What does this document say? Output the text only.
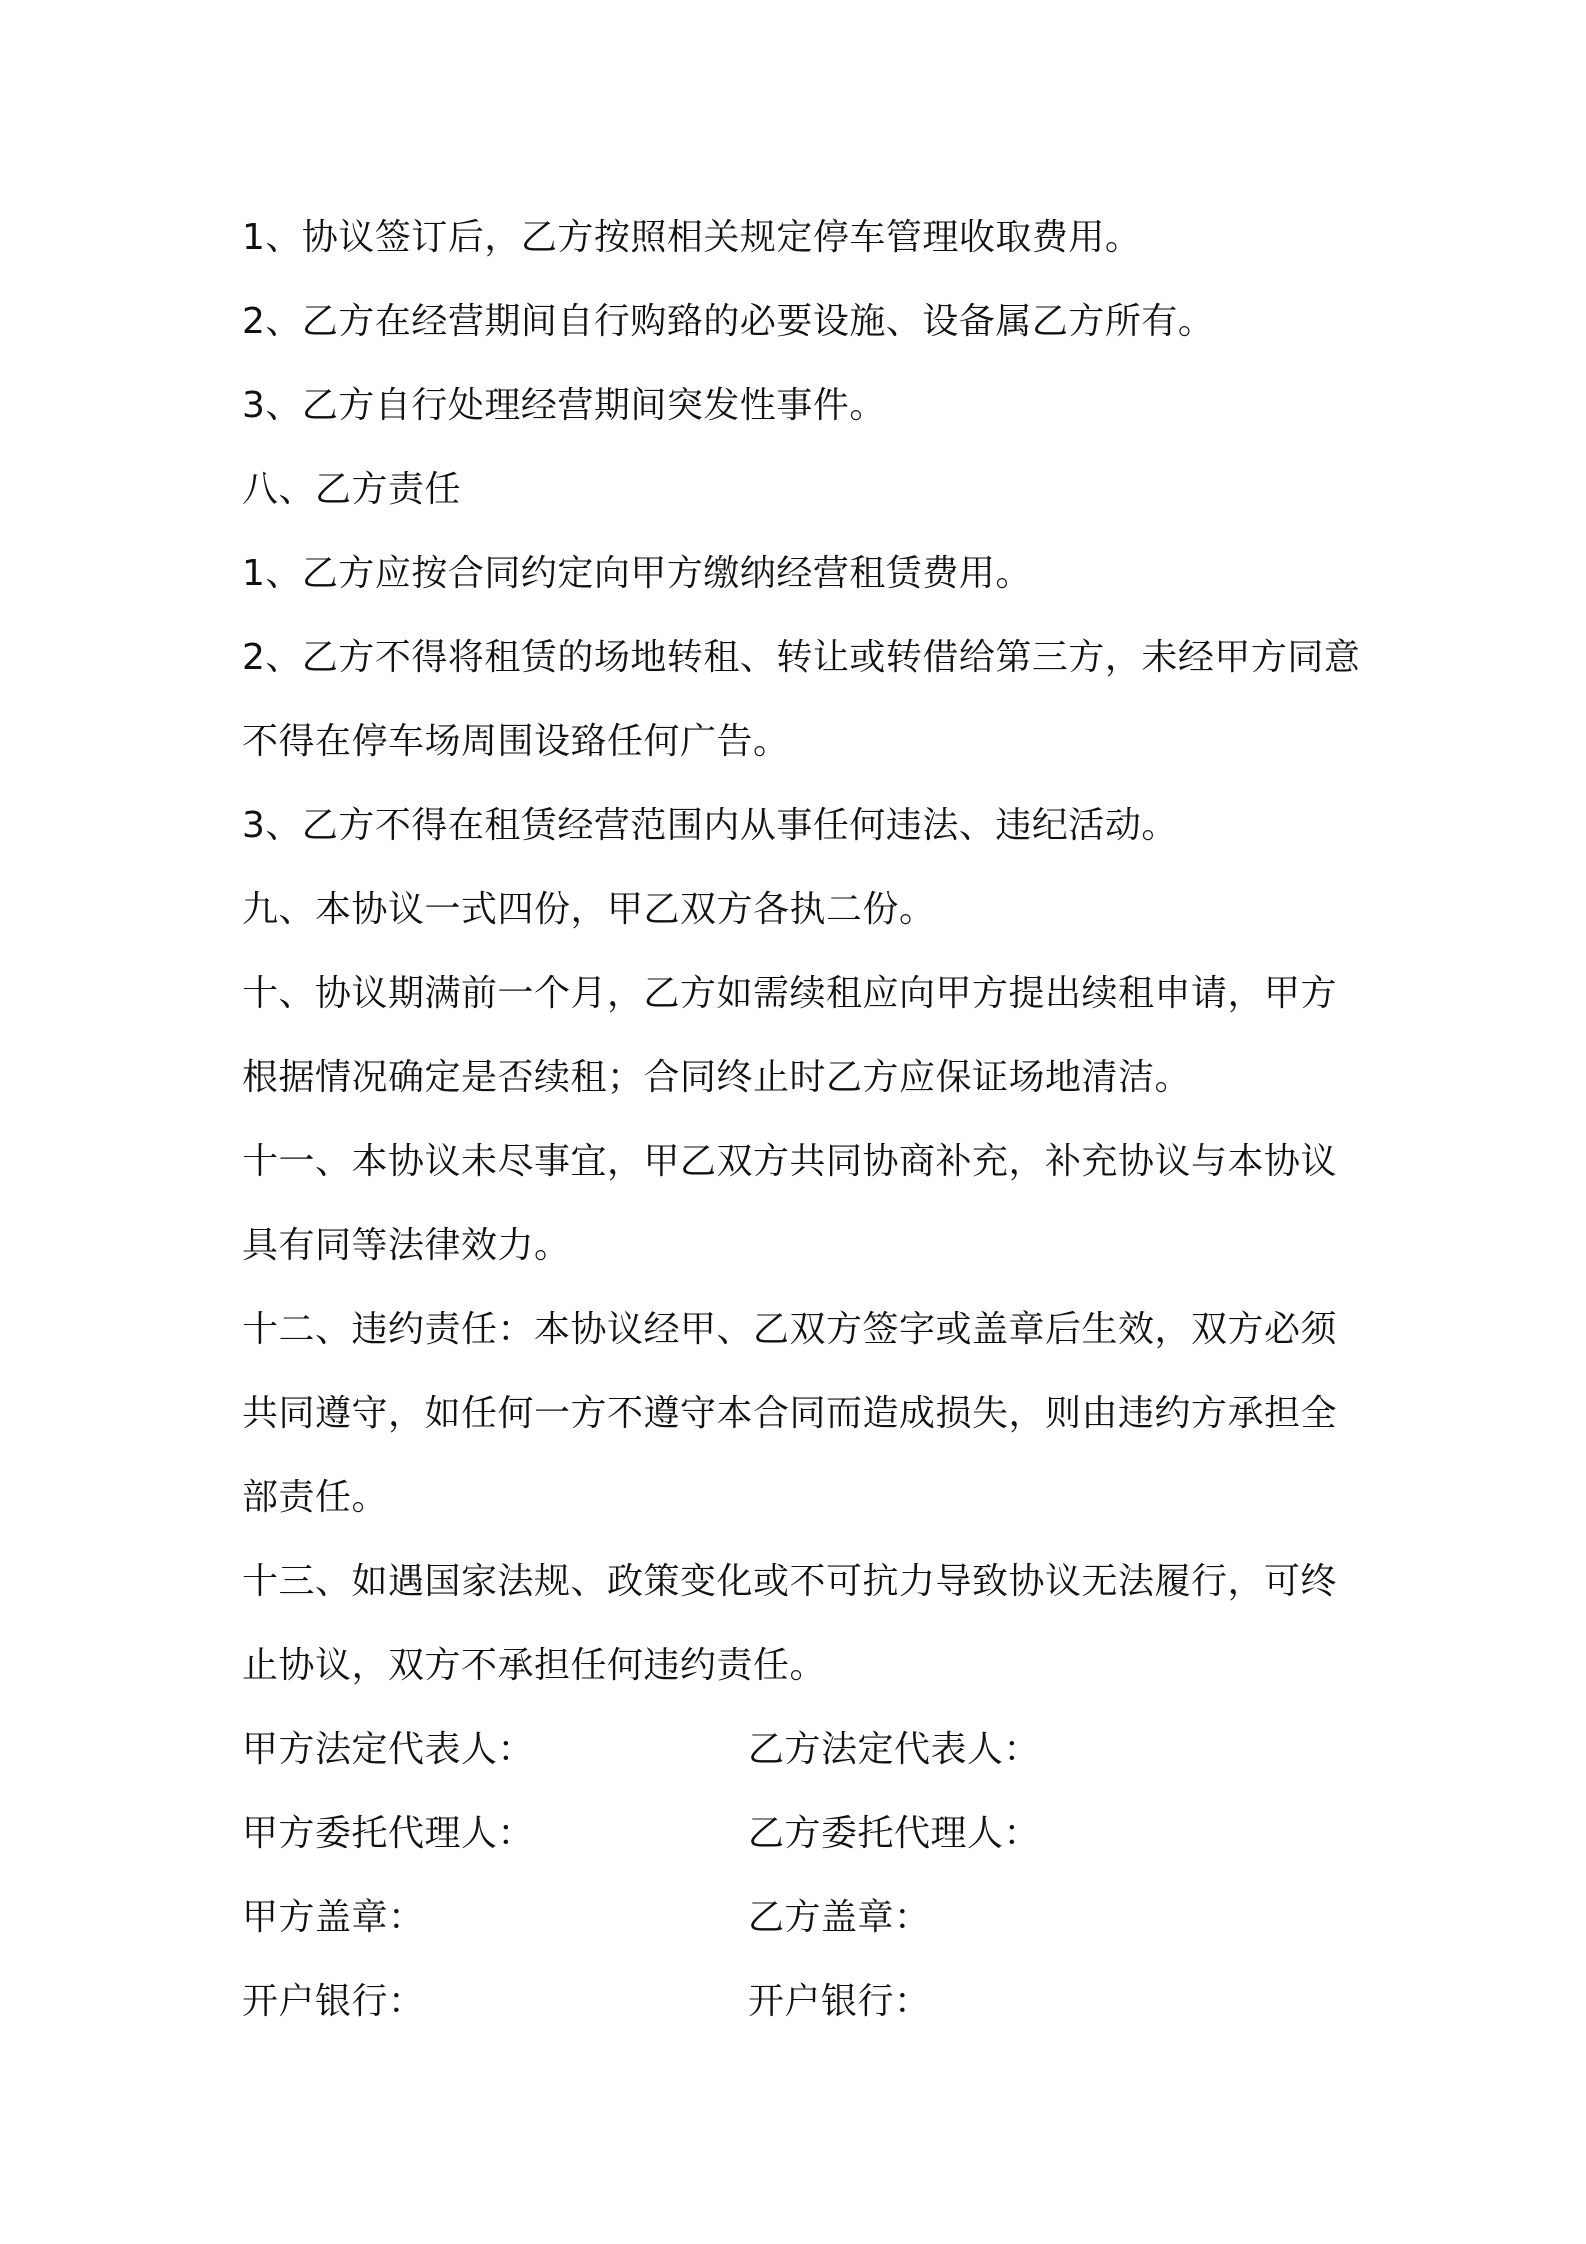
1、协议签订后，乙方按照相关规定停车管理收取费用。

2、乙方在经营期间自行购臵的必要设施、设备属乙方所有。

3、乙方自行处理经营期间突发性事件。

八、乙方责任

1、乙方应按合同约定向甲方缴纳经营租赁费用。

2、乙方不得将租赁的场地转租、转让或转借给第三方，未经甲方同意不得在停车场周围设臵任何广告。

3、乙方不得在租赁经营范围内从事任何违法、违纪活动。

九、本协议一式四份，甲乙双方各执二份。

十、协议期满前一个月，乙方如需续租应向甲方提出续租申请，甲方根据情况确定是否续租；合同终止时乙方应保证场地清洁。

十一、本协议未尽事宜，甲乙双方共同协商补充，补充协议与本协议具有同等法律效力。

十二、违约责任：本协议经甲、乙双方签字或盖章后生效，双方必须共同遵守，如任何一方不遵守本合同而造成损失，则由违约方承担全部责任。

十三、如遇国家法规、政策变化或不可抗力导致协议无法履行，可终止协议，双方不承担任何违约责任。

甲方法定代表人：	乙方法定代表人：
甲方委托代理人：	乙方委托代理人：
甲方盖章：	乙方盖章：
开户银行：	开户银行：
